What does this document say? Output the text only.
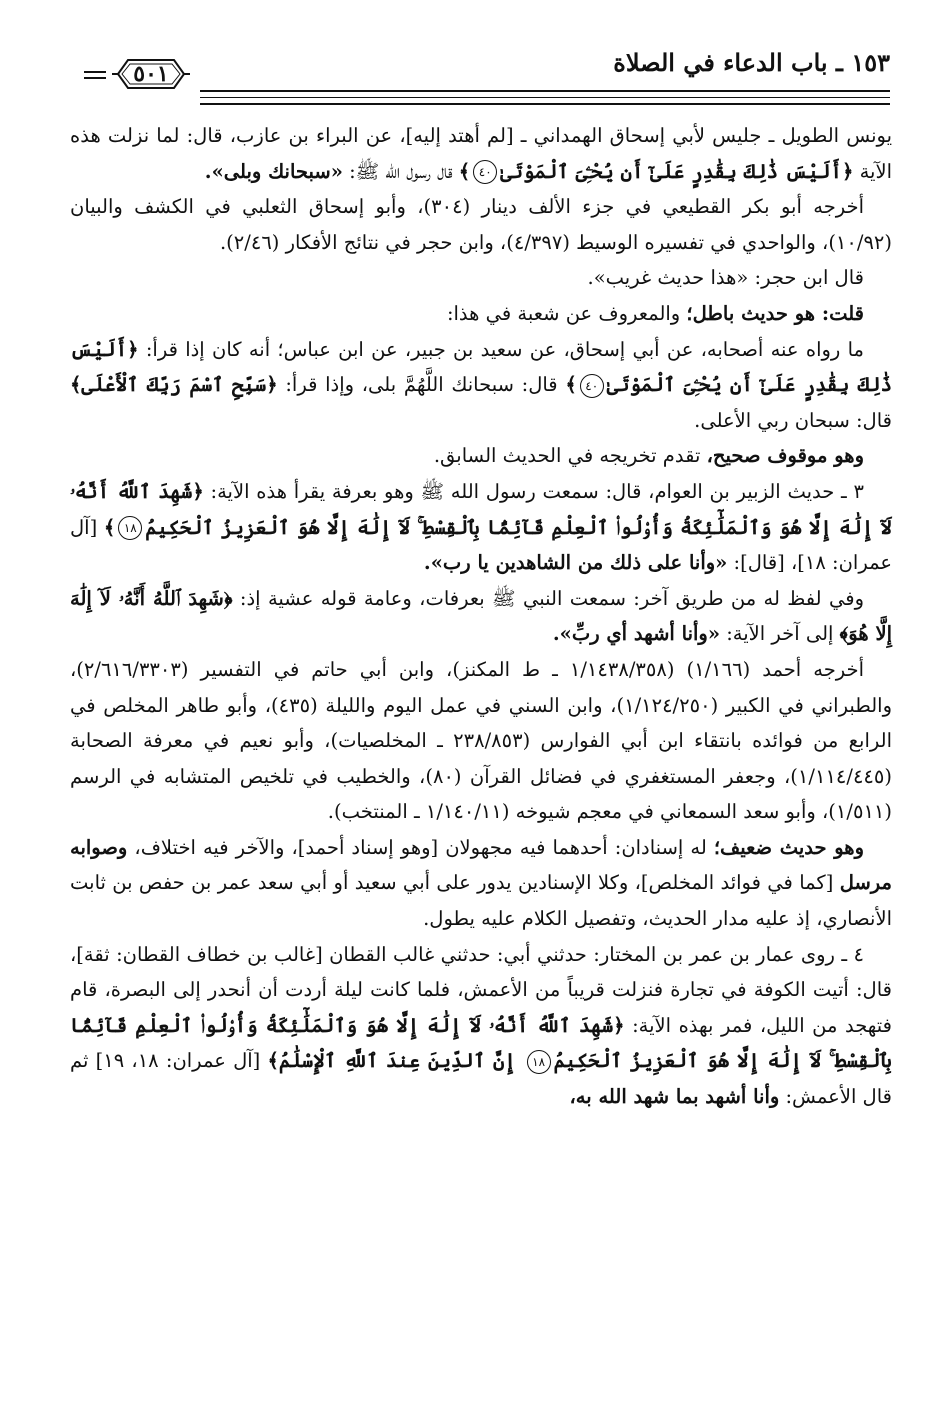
١٥٣ ـ باب الدعاء في الصلاة
٥٠١

يونس الطويل ـ جليس لأبي إسحاق الهمداني ـ [لم أهتد إليه]، عن البراء بن عازب، قال: لما نزلت هذه الآية ﴿أَلَيْسَ ذَٰلِكَ بِقَٰدِرٍ عَلَىٰٓ أَن يُحْـِۧىَ ٱلْمَوْتَىٰ٤٠﴾ قال رسول الله ﷺ: «سبحانك وبلى».

أخرجه أبو بكر القطيعي في جزء الألف دينار (٣٠٤)، وأبو إسحاق الثعلبي في الكشف والبيان (١٠/٩٢)، والواحدي في تفسيره الوسيط (٤/٣٩٧)، وابن حجر في نتائج الأفكار (٢/٤٦).

قال ابن حجر: «هذا حديث غريب».

قلت: هو حديث باطل؛ والمعروف عن شعبة في هذا:

ما رواه عنه أصحابه، عن أبي إسحاق، عن سعيد بن جبير، عن ابن عباس؛ أنه كان إذا قرأ: ﴿أَلَيْسَ ذَٰلِكَ بِقَٰدِرٍ عَلَىٰٓ أَن يُحْـِۧىَ ٱلْمَوْتَىٰ٤٠﴾ قال: سبحانك اللَّهُمَّ بلى، وإذا قرأ: ﴿سَبِّحِ ٱسْمَ رَبِّكَ ٱلْأَعْلَى﴾ قال: سبحان ربي الأعلى.

وهو موقوف صحيح، تقدم تخريجه في الحديث السابق.

٣ ـ حديث الزبير بن العوام، قال: سمعت رسول الله ﷺ وهو بعرفة يقرأ هذه الآية: ﴿شَهِدَ ٱللَّهُ أَنَّهُۥ لَآ إِلَٰهَ إِلَّا هُوَ وَٱلْمَلَٰٓئِكَةُ وَأُو۟لُوا۟ ٱلْعِلْمِ قَآئِمًۢا بِٱلْقِسْطِ ۚ لَآ إِلَٰهَ إِلَّا هُوَ ٱلْعَزِيزُ ٱلْحَكِيمُ١٨﴾ [آل عمران: ١٨]، [قال]: «وأنا على ذلك من الشاهدين يا رب».

وفي لفظ له من طريق آخر: سمعت النبي ﷺ بعرفات، وعامة قوله عشية إذ: ﴿شَهِدَ ٱللَّهُ أَنَّهُۥ لَآ إِلَٰهَ إِلَّا هُوَ﴾ إلى آخر الآية: «وأنا أشهد أي ربِّ».

أخرجه أحمد (١/١٦٦) (١/١٤٣٨/٣٥٨ ـ ط المكنز)، وابن أبي حاتم في التفسير (٢/٦١٦/٣٣٠٣)، والطبراني في الكبير (١/١٢٤/٢٥٠)، وابن السني في عمل اليوم والليلة (٤٣٥)، وأبو طاهر المخلص في الرابع من فوائده بانتقاء ابن أبي الفوارس (٢٣٨/٨٥٣ ـ المخلصيات)، وأبو نعيم في معرفة الصحابة (١/١١٤/٤٤٥)، وجعفر المستغفري في فضائل القرآن (٨٠)، والخطيب في تلخيص المتشابه في الرسم (١/٥١١)، وأبو سعد السمعاني في معجم شيوخه (١/١٤٠/١١ ـ المنتخب).

وهو حديث ضعيف؛ له إسنادان: أحدهما فيه مجهولان [وهو إسناد أحمد]، والآخر فيه اختلاف، وصوابه مرسل [كما في فوائد المخلص]، وكلا الإسنادين يدور على أبي سعيد أو أبي سعد عمر بن حفص بن ثابت الأنصاري، إذ عليه مدار الحديث، وتفصيل الكلام عليه يطول.

٤ ـ روى عمار بن عمر بن المختار: حدثني أبي: حدثني غالب القطان [غالب بن خطاف القطان: ثقة]، قال: أتيت الكوفة في تجارة فنزلت قريباً من الأعمش، فلما كانت ليلة أردت أن أنحدر إلى البصرة، قام فتهجد من الليل، فمر بهذه الآية: ﴿شَهِدَ ٱللَّهُ أَنَّهُۥ لَآ إِلَٰهَ إِلَّا هُوَ وَٱلْمَلَٰٓئِكَةُ وَأُو۟لُوا۟ ٱلْعِلْمِ قَآئِمًۢا بِٱلْقِسْطِ ۚ لَآ إِلَٰهَ إِلَّا هُوَ ٱلْعَزِيزُ ٱلْحَكِيمُ١٨ إِنَّ ٱلدِّينَ عِندَ ٱللَّهِ ٱلْإِسْلَٰمُ﴾ [آل عمران: ١٨، ١٩] ثم قال الأعمش: وأنا أشهد بما شهد الله به،
